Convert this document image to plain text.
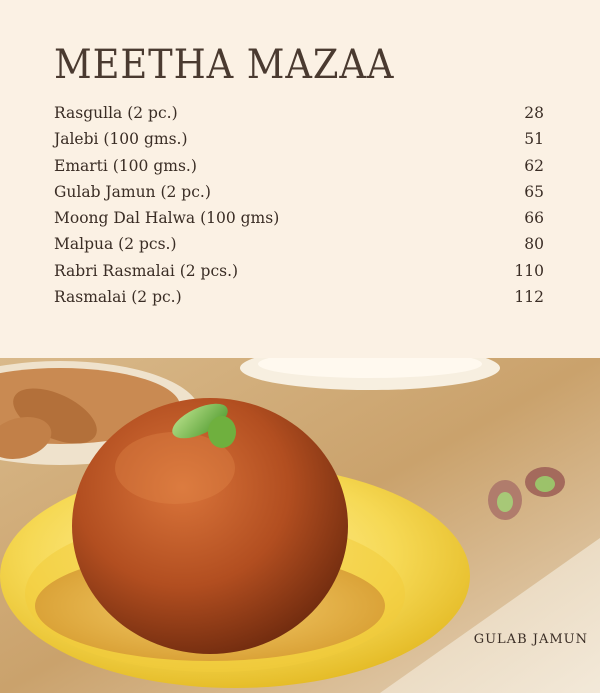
MEETHA MAZAA
Rasgulla (2 pc.)	28
Jalebi (100 gms.)	51
Emarti (100 gms.)	62
Gulab Jamun (2 pc.)	65
Moong Dal Halwa (100 gms)	66
Malpua (2 pcs.)	80
Rabri Rasmalai (2 pcs.)	110
Rasmalai (2 pc.)	112
GULAB JAMUN
